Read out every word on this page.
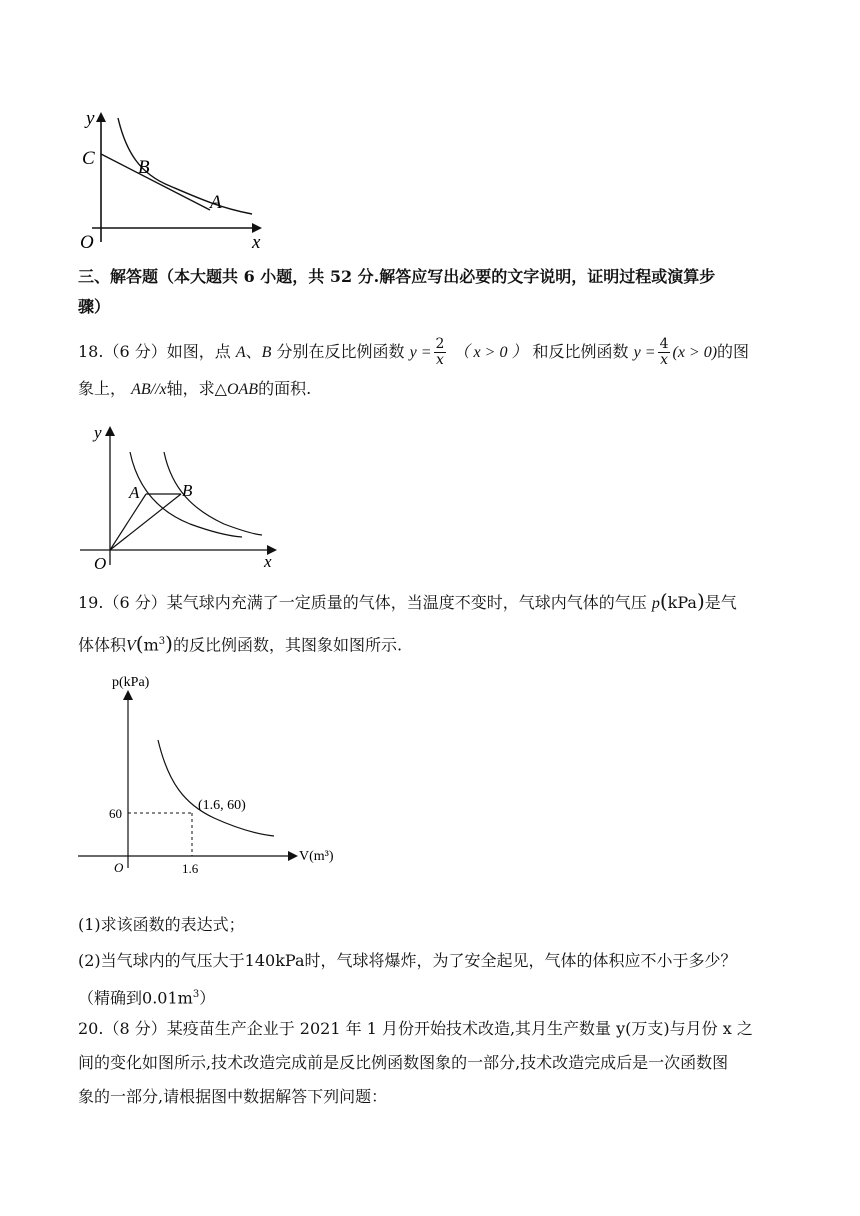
y
C B
A
O	x
三、解答题（本大题共 6 小题，共 52 分.解答应写出必要的文字说明，证明过程或演算步
骤）
18.（6 分）如图，点 A、B 分别在反比例函数 $y = \frac{2}{x}$ （ x > 0 ） 和反比例函数 $y = \frac{4}{x} (x > 0)$的图
象上， AB//x轴，求△OAB的面积.
y
A	B
O	x
19.（6 分）某气球内充满了一定质量的气体，当温度不变时，气球内气体的气压 p(kPa)是气
体体积$V(m^3)$的反比例函数，其图象如图所示.
p(kPa)
V(m³)
O
60
1.6
(1.6, 60)
(1)求该函数的表达式；
(2)当气球内的气压大于140kPa时，气球将爆炸，为了安全起见，气体的体积应不小于多少？
（精确到$0.01m^3$）
20.（8 分）某疫苗生产企业于 2021 年 1 月份开始技术改造,其月生产数量 y(万支)与月份 x 之
间的变化如图所示,技术改造完成前是反比例函数图象的一部分,技术改造完成后是一次函数图
象的一部分,请根据图中数据解答下列问题：
